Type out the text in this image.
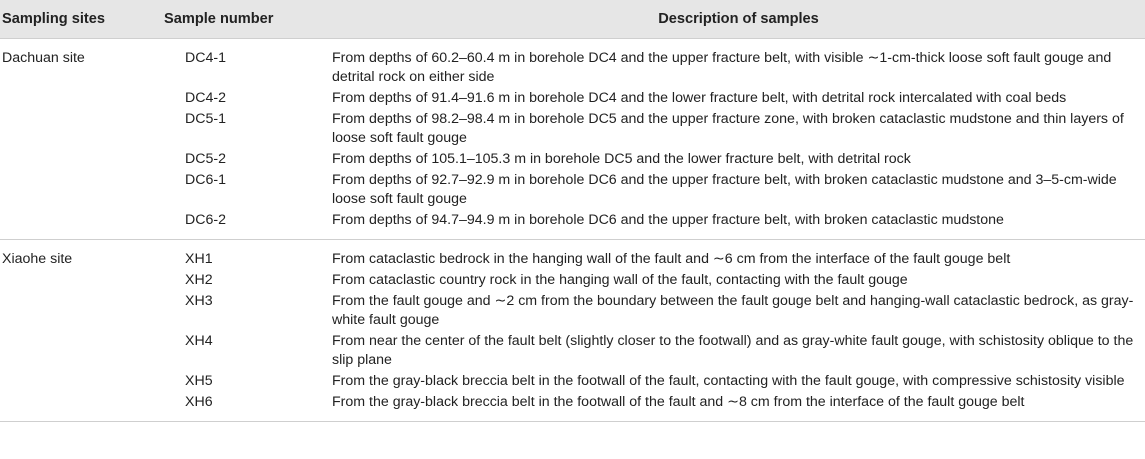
Sampling sites	Sample number	Description of samples
Dachuan site	DC4-1	From depths of 60.2–60.4 m in borehole DC4 and the upper fracture belt, with visible ∼1-cm-thick loose soft fault gouge and detrital rock on either side
	DC4-2	From depths of 91.4–91.6 m in borehole DC4 and the lower fracture belt, with detrital rock intercalated with coal beds
	DC5-1	From depths of 98.2–98.4 m in borehole DC5 and the upper fracture zone, with broken cataclastic mudstone and thin layers of loose soft fault gouge
	DC5-2	From depths of 105.1–105.3 m in borehole DC5 and the lower fracture belt, with detrital rock
	DC6-1	From depths of 92.7–92.9 m in borehole DC6 and the upper fracture belt, with broken cataclastic mudstone and 3–5-cm-wide loose soft fault gouge
	DC6-2	From depths of 94.7–94.9 m in borehole DC6 and the upper fracture belt, with broken cataclastic mudstone
Xiaohe site	XH1	From cataclastic bedrock in the hanging wall of the fault and ∼6 cm from the interface of the fault gouge belt
	XH2	From cataclastic country rock in the hanging wall of the fault, contacting with the fault gouge
	XH3	From the fault gouge and ∼2 cm from the boundary between the fault gouge belt and hanging-wall cataclastic bedrock, as gray-white fault gouge
	XH4	From near the center of the fault belt (slightly closer to the footwall) and as gray-white fault gouge, with schistosity oblique to the slip plane
	XH5	From the gray-black breccia belt in the footwall of the fault, contacting with the fault gouge, with compressive schistosity visible
	XH6	From the gray-black breccia belt in the footwall of the fault and ∼8 cm from the interface of the fault gouge belt
